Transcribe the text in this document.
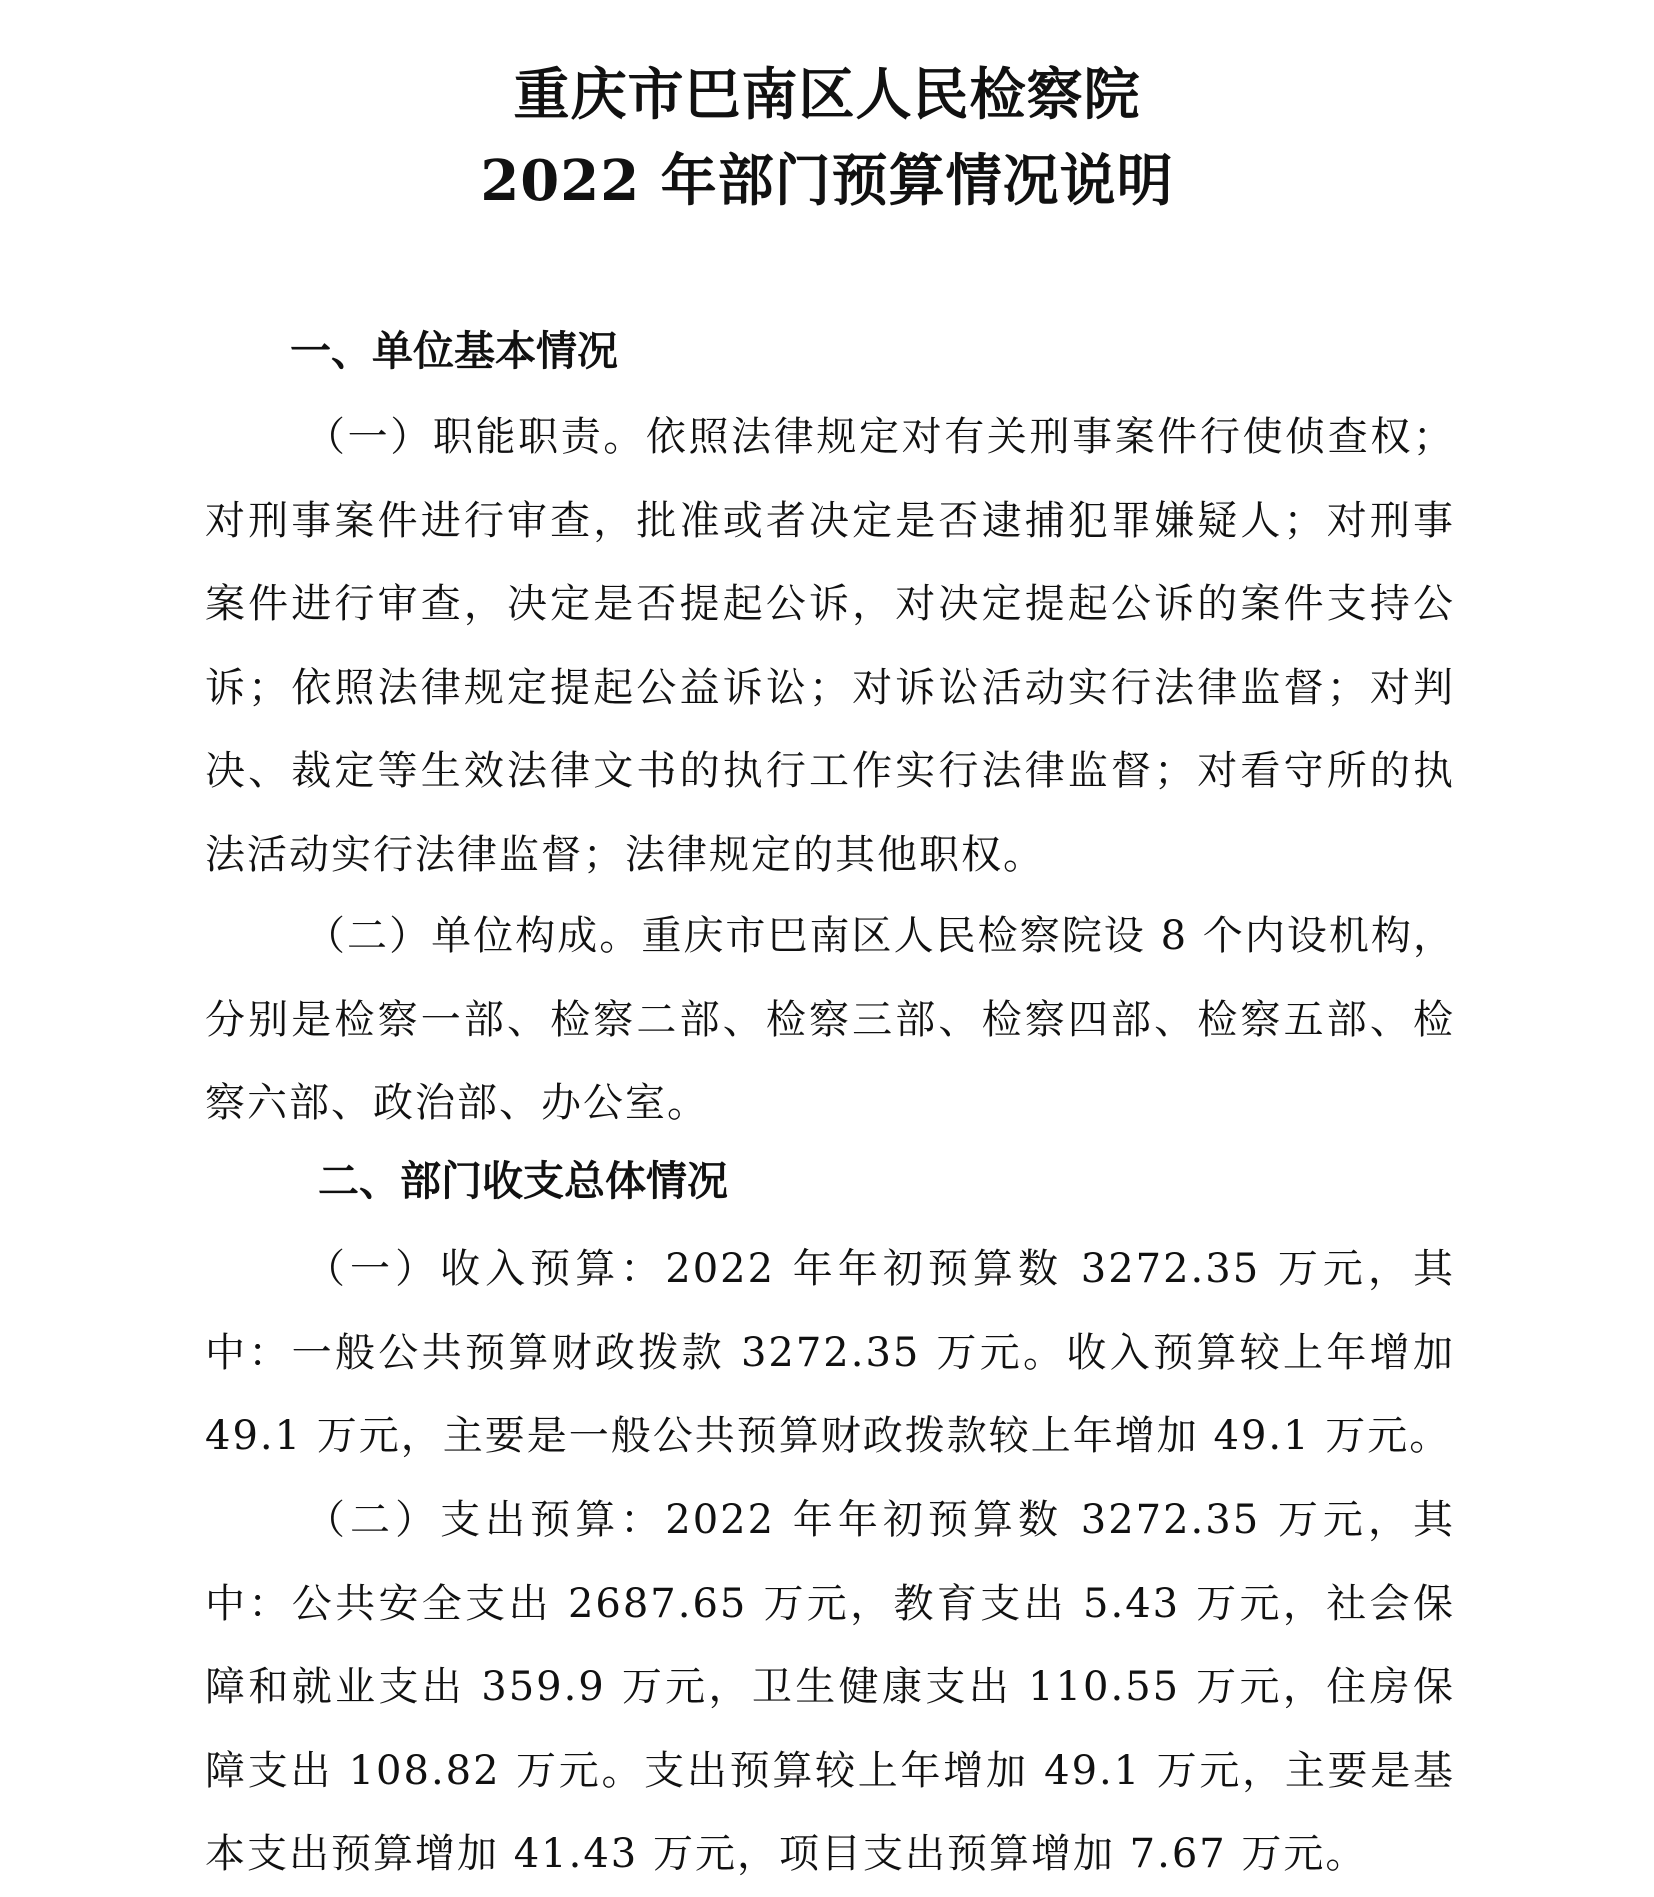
重庆市巴南区人民检察院
2022 年部门预算情况说明
一、单位基本情况

（一）职能职责。依照法律规定对有关刑事案件行使侦查权；对刑事案件进行审查，批准或者决定是否逮捕犯罪嫌疑人；对刑事案件进行审查，决定是否提起公诉，对决定提起公诉的案件支持公诉；依照法律规定提起公益诉讼；对诉讼活动实行法律监督；对判决、裁定等生效法律文书的执行工作实行法律监督；对看守所的执法活动实行法律监督；法律规定的其他职权。

（二）单位构成。重庆市巴南区人民检察院设 8 个内设机构，分别是检察一部、检察二部、检察三部、检察四部、检察五部、检察六部、政治部、办公室。

二、部门收支总体情况

（一）收入预算：2022 年年初预算数 3272.35 万元，其中：一般公共预算财政拨款 3272.35 万元。收入预算较上年增加 49.1 万元，主要是一般公共预算财政拨款较上年增加 49.1 万元。

（二）支出预算：2022 年年初预算数 3272.35 万元，其中：公共安全支出 2687.65 万元，教育支出 5.43 万元，社会保障和就业支出 359.9 万元，卫生健康支出 110.55 万元，住房保障支出 108.82 万元。支出预算较上年增加 49.1 万元，主要是基本支出预算增加 41.43 万元，项目支出预算增加 7.67 万元。
